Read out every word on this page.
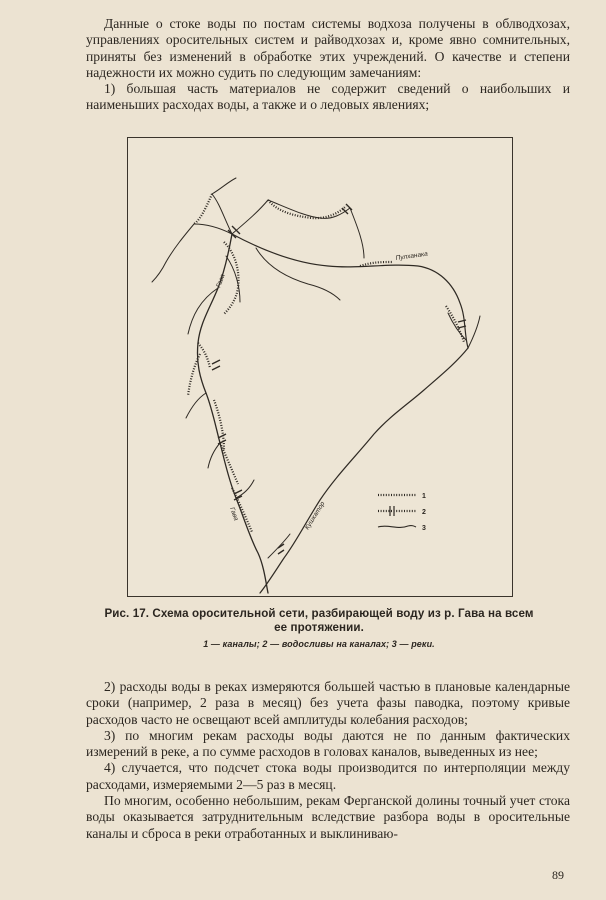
Данные о стоке воды по постам системы водхоза получены в облводхозах, управлениях оросительных систем и райводхозах и, кроме явно сомнительных, приняты без изменений в обработке этих учреждений. О качестве и степени надежности их можно судить по следующим замечаниям:

1) большая часть материалов не содержит сведений о наибольших и наименьших расходах воды, а также и о ледовых явлениях;

Гава
Гава
Пулханака
Кушкатор
1
2
3
Рис. 17. Схема оросительной сети, разбирающей воду из р. Гава на всем ее протяжении.
1 — каналы; 2 — водосливы на каналах; 3 — реки.

2) расходы воды в реках измеряются большей частью в плановые календарные сроки (например, 2 раза в месяц) без учета фазы паводка, поэтому кривые расходов часто не освещают всей амплитуды колебания расходов;

3) по многим рекам расходы воды даются не по данным фактических измерений в реке, а по сумме расходов в головах каналов, выведенных из нее;

4) случается, что подсчет стока воды производится по интерполяции между расходами, измеряемыми 2—5 раз в месяц.

По многим, особенно небольшим, рекам Ферганской долины точный учет стока воды оказывается затруднительным вследствие разбора воды в оросительные каналы и сброса в реки отработанных и выклиниваю-

89
